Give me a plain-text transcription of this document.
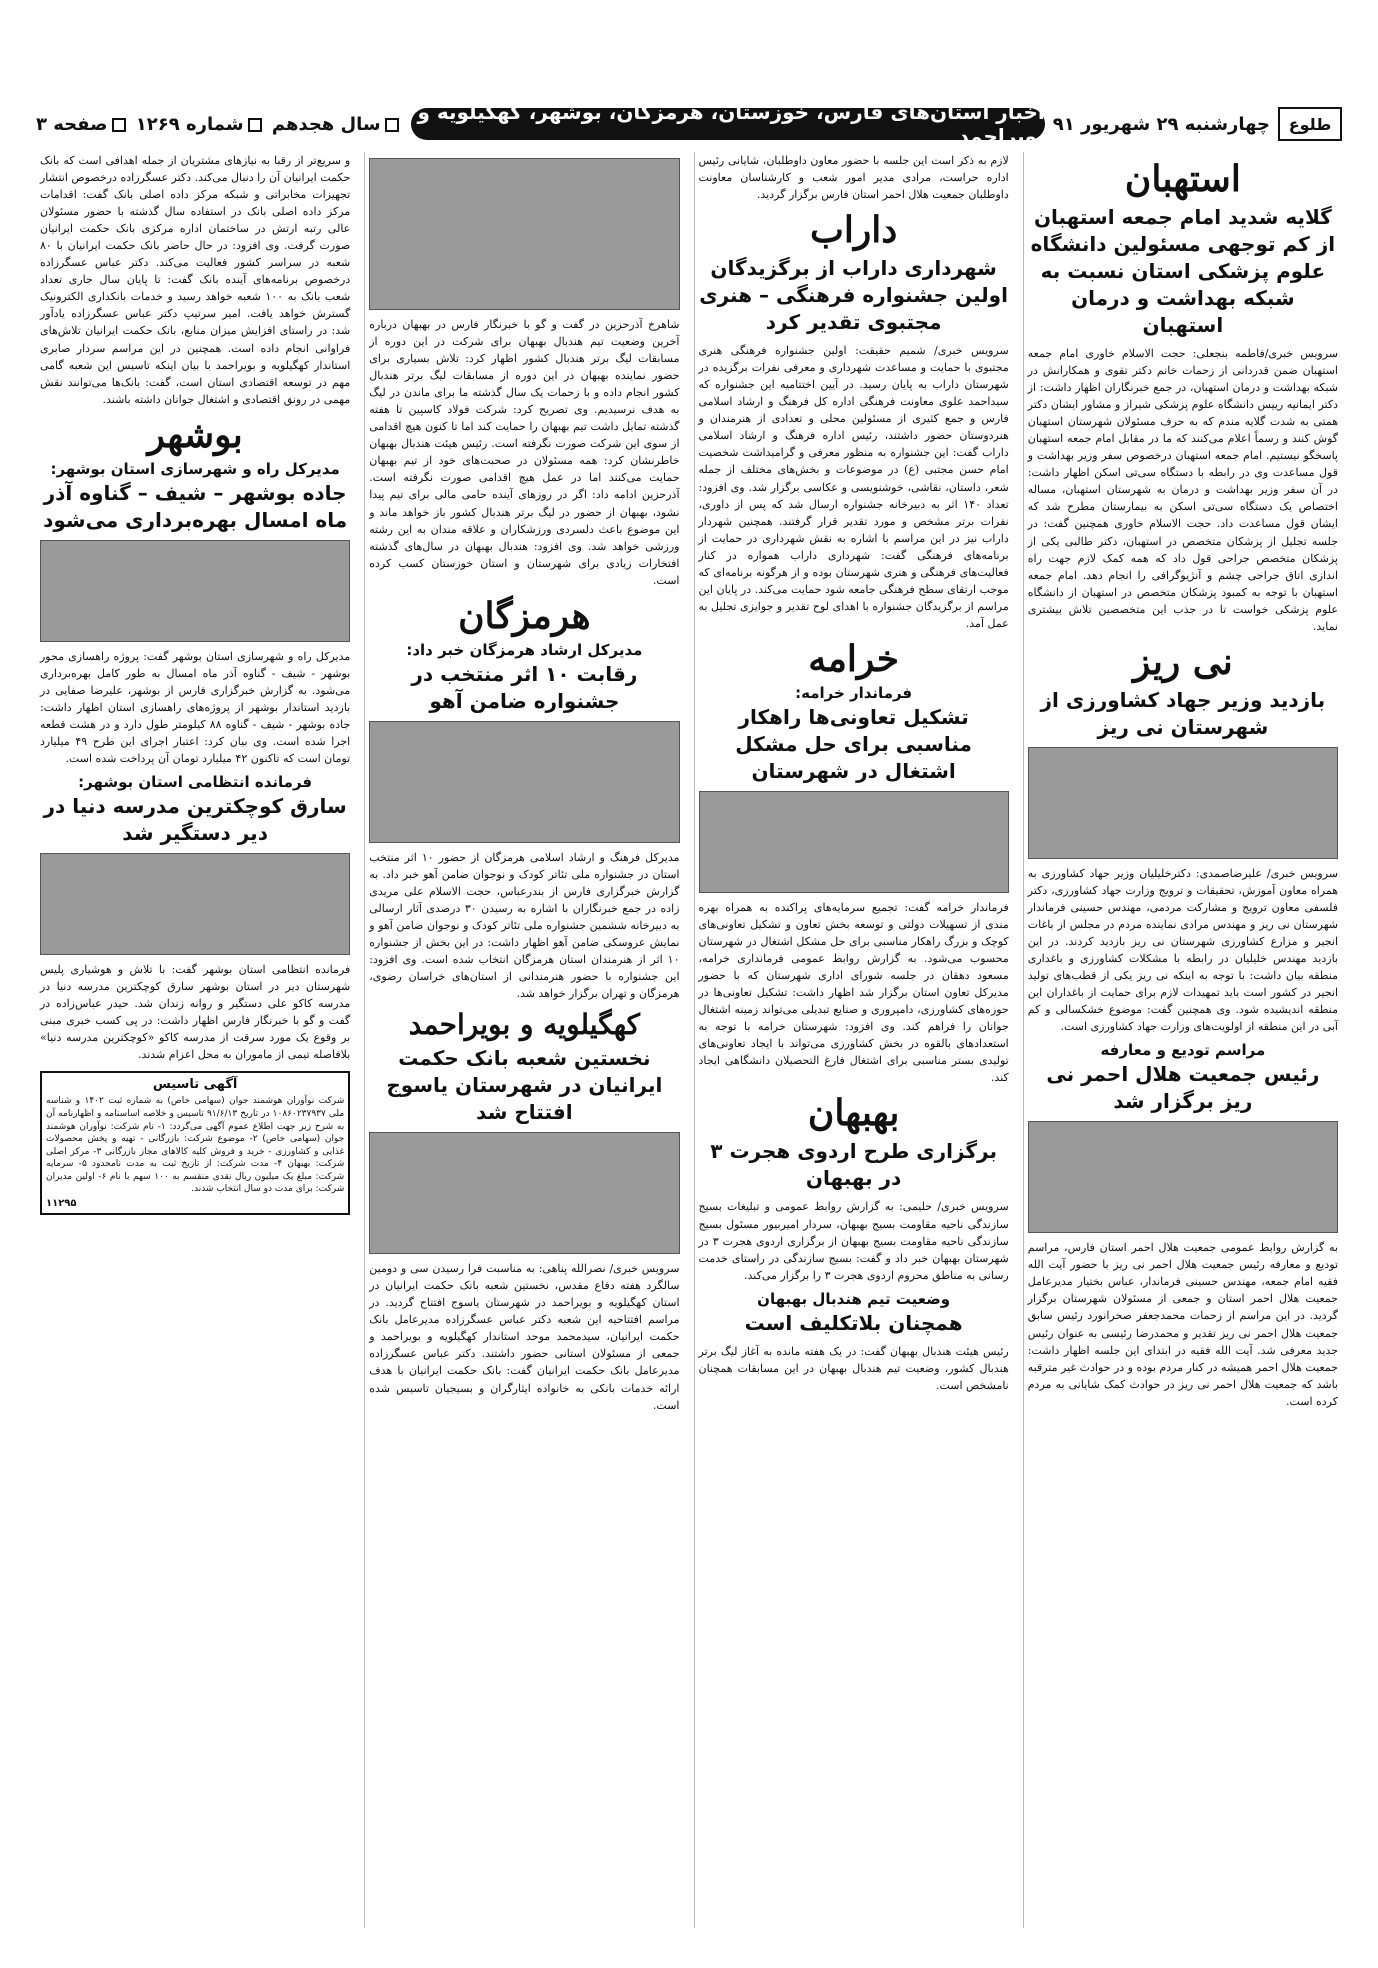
طلوع
چهارشنبه ۲۹ شهریور ۹۱
اخبار استان‌های فارس، خوزستان، هرمزگان، بوشهر، کهگیلویه و بویراحمد
سال هجدهم شماره ۱۲۶۹ صفحه ۳
استهبان
گلایه شدید امام جمعه استهبان از کم توجهی مسئولین دانشگاه علوم پزشکی استان نسبت به شبکه بهداشت و درمان استهبان

سرویس خبری/فاطمه بنجعلی: حجت الاسلام خاوری امام جمعه استهبان ضمن قدردانی از زحمات خانم دکتر تقوی و همکارانش در شبکه بهداشت و درمان استهبان، در جمع خبرنگاران اظهار داشت: از دکتر ایمانیه رییس دانشگاه علوم پزشکی شیراز و مشاور ایشان دکتر همتی به شدت گلایه مندم که به حرف مسئولان شهرستان استهبان گوش کنند و رسماً اعلام می‌کنند که ما در مقابل امام جمعه استهبان پاسخگو نیستیم. امام جمعه استهبان درخصوص سفر وزیر بهداشت و قول مساعدت وی در رابطه با دستگاه سی‌تی اسکن اظهار داشت: در آن سفر وزیر بهداشت و درمان به شهرستان استهبان، مساله اختصاص یک دستگاه سی‌تی اسکن به بیمارستان مطرح شد که ایشان قول مساعدت داد. حجت الاسلام خاوری همچنین گفت: در جلسه تجلیل از پزشکان متخصص در استهبان، دکتر طالبی یکی از پزشکان متخصص جراحی قول داد که همه کمک لازم جهت راه اندازی اتاق جراحی چشم و آنژیوگرافی را انجام دهد. امام جمعه استهبان با توجه به کمبود پزشکان متخصص در استهبان از دانشگاه علوم پزشکی خواست تا در جذب این متخصصین تلاش بیشتری نماید.

نی ریز
بازدید وزیر جهاد کشاورزی از شهرستان نی ریز

سرویس خبری/ علیرضاصمدی: دکترخلیلیان وزیر جهاد کشاورزی به همراه معاون آموزش، تحقیقات و ترویج وزارت جهاد کشاورزی، دکتر فلسفی معاون ترویج و مشارکت مردمی، مهندس حسینی فرماندار شهرستان نی ریز و مهندس مرادی نماینده مردم در مجلس از باغات انجیر و مزارع کشاورزی شهرستان نی ریز بازدید کردند. در این بازدید مهندس خلیلیان در رابطه با مشکلات کشاورزی و باغداری منطقه بیان داشت: با توجه به اینکه نی ریز یکی از قطب‌های تولید انجیر در کشور است باید تمهیدات لازم برای حمایت از باغداران این منطقه اندیشیده شود. وی همچنین گفت: موضوع خشکسالی و کم آبی در این منطقه از اولویت‌های وزارت جهاد کشاورزی است.

مراسم تودیع و معارفه
رئیس جمعیت هلال احمر نی ریز برگزار شد

به گزارش روابط عمومی جمعیت هلال احمر استان فارس، مراسم تودیع و معارفه رئیس جمعیت هلال احمر نی ریز با حضور آیت الله فقیه امام جمعه، مهندس حسینی فرماندار، عباس بختیار مدیرعامل جمعیت هلال احمر استان و جمعی از مسئولان شهرستان برگزار گردید. در این مراسم از زحمات محمدجعفر صحرانورد رئیس سابق جمعیت هلال احمر نی ریز تقدیر و محمدرضا رئیسی به عنوان رئیس جدید معرفی شد. آیت الله فقیه در ابتدای این جلسه اظهار داشت: جمعیت هلال احمر همیشه در کنار مردم بوده و در حوادث غیر مترقبه باشد که جمعیت هلال احمر نی ریز در حوادث کمک شایانی به مردم کرده است.

لازم به ذکر است این جلسه با حضور معاون داوطلبان، شایانی رئیس اداره حراست، مرادی مدیر امور شعب و کارشناسان معاونت داوطلبان جمعیت هلال احمر استان فارس برگزار گردید.

داراب
شهرداری داراب از برگزیدگان اولین جشنواره فرهنگی – هنری مجتبوی تقدیر کرد

سرویس خبری/ شمیم حقیقت: اولین جشنواره فرهنگی هنری مجتبوی با حمایت و مساعدت شهرداری و معرفی نفرات برگزیده در شهرستان داراب به پایان رسید. در آیین اختتامیه این جشنواره که سیداحمد علوی معاونت فرهنگی اداره کل فرهنگ و ارشاد اسلامی فارس و جمع کثیری از مسئولین محلی و تعدادی از هنرمندان و هنردوستان حضور داشتند، رئیس اداره فرهنگ و ارشاد اسلامی داراب گفت: این جشنواره به منظور معرفی و گرامیداشت شخصیت امام حسن مجتبی (ع) در موضوعات و بخش‌های مختلف از جمله شعر، داستان، نقاشی، خوشنویسی و عکاسی برگزار شد. وی افزود: تعداد ۱۴۰ اثر به دبیرخانه جشنواره ارسال شد که پس از داوری، نفرات برتر مشخص و مورد تقدیر قرار گرفتند. همچنین شهردار داراب نیز در این مراسم با اشاره به نقش شهرداری در حمایت از برنامه‌های فرهنگی گفت: شهرداری داراب همواره در کنار فعالیت‌های فرهنگی و هنری شهرستان بوده و از هرگونه برنامه‌ای که موجب ارتقای سطح فرهنگی جامعه شود حمایت می‌کند. در پایان این مراسم از برگزیدگان جشنواره با اهدای لوح تقدیر و جوایزی تجلیل به عمل آمد.

خرامه
فرماندار خرامه:
تشکیل تعاونی‌ها راهکار مناسبی برای حل مشکل اشتغال در شهرستان

فرماندار خرامه گفت: تجمیع سرمایه‌های پراکنده به همراه بهره مندی از تسهیلات دولتی و توسعه بخش تعاون و تشکیل تعاونی‌های کوچک و بزرگ راهکار مناسبی برای حل مشکل اشتغال در شهرستان محسوب می‌شود. به گزارش روابط عمومی فرمانداری خرامه، مسعود دهقان در جلسه شورای اداری شهرستان که با حضور مدیرکل تعاون استان برگزار شد اظهار داشت: تشکیل تعاونی‌ها در حوزه‌های کشاورزی، دامپروری و صنایع تبدیلی می‌تواند زمینه اشتغال جوانان را فراهم کند. وی افزود: شهرستان خرامه با توجه به استعدادهای بالقوه در بخش کشاورزی می‌تواند با ایجاد تعاونی‌های تولیدی بستر مناسبی برای اشتغال فارغ التحصیلان دانشگاهی ایجاد کند.

بهبهان
برگزاری طرح اردوی هجرت ۳ در بهبهان

سرویس خبری/ حلیمی: به گزارش روابط عمومی و تبلیغات بسیج سازندگی ناحیه مقاومت بسیج بهبهان، سردار امیربیور مسئول بسیج سازندگی ناحیه مقاومت بسیج بهبهان از برگزاری اردوی هجرت ۳ در شهرستان بهبهان خبر داد و گفت: بسیج سازندگی در راستای خدمت رسانی به مناطق محروم اردوی هجرت ۳ را برگزار می‌کند.

وضعیت تیم هندبال بهبهان
همچنان بلاتکلیف است

رئیس هیئت هندبال بهبهان گفت: در یک هفته مانده به آغاز لیگ برتر هندبال کشور، وضعیت تیم هندبال بهبهان در این مسابقات همچنان نامشخص است.

شاهرخ آذرحزین در گفت و گو با خبرنگار فارس در بهبهان درباره آخرین وضعیت تیم هندبال بهبهان برای شرکت در این دوره از مسابقات لیگ برتر هندبال کشور اظهار کرد: تلاش بسیاری برای حضور نماینده بهبهان در این دوره از مسابقات لیگ برتر هندبال کشور انجام داده و با زحمات یک سال گذشته ما برای ماندن در لیگ به هدف نرسیدیم. وی تصریح کرد: شرکت فولاد کاسپین تا هفته گذشته تمایل داشت تیم بهبهان را حمایت کند اما تا کنون هیچ اقدامی از سوی این شرکت صورت نگرفته است. رئیس هیئت هندبال بهبهان خاطرنشان کرد: همه مسئولان در صحبت‌های خود از تیم بهبهان حمایت می‌کنند اما در عمل هیچ اقدامی صورت نگرفته است. آذرحزین ادامه داد: اگر در روزهای آینده حامی مالی برای تیم پیدا نشود، بهبهان از حضور در لیگ برتر هندبال کشور باز خواهد ماند و این موضوع باعث دلسردی ورزشکاران و علاقه مندان به این رشته ورزشی خواهد شد. وی افزود: هندبال بهبهان در سال‌های گذشته افتخارات زیادی برای شهرستان و استان خوزستان کسب کرده است.

هرمزگان
مدیرکل ارشاد هرمزگان خبر داد:
رقابت ۱۰ اثر منتخب در جشنواره ضامن آهو

مدیرکل فرهنگ و ارشاد اسلامی هرمزگان از حضور ۱۰ اثر منتخب استان در جشنواره ملی تئاتر کودک و نوجوان ضامن آهو خبر داد. به گزارش خبرگزاری فارس از بندرعباس، حجت الاسلام علی مریدی زاده در جمع خبرنگاران با اشاره به رسیدن ۳۰ درصدی آثار ارسالی به دبیرخانه ششمین جشنواره ملی تئاتر کودک و نوجوان ضامن آهو و نمایش عروسکی ضامن آهو اظهار داشت: در این بخش از جشنواره ۱۰ اثر از هنرمندان استان هرمزگان انتخاب شده است. وی افزود: این جشنواره با حضور هنرمندانی از استان‌های خراسان رضوی، هرمزگان و تهران برگزار خواهد شد.

کهگیلویه و بویراحمد
نخستین شعبه بانک حکمت ایرانیان در شهرستان یاسوج افتتاح شد

سرویس خبری/ نصرالله پناهی: به مناسبت فرا رسیدن سی و دومین سالگرد هفته دفاع مقدس، نخستین شعبه بانک حکمت ایرانیان در استان کهگیلویه و بویراحمد در شهرستان یاسوج افتتاح گردید. در مراسم افتتاحیه این شعبه دکتر عباس عسگرزاده مدیرعامل بانک حکمت ایرانیان، سیدمحمد موحد استاندار کهگیلویه و بویراحمد و جمعی از مسئولان استانی حضور داشتند. دکتر عباس عسگرزاده مدیرعامل بانک حکمت ایرانیان گفت: بانک حکمت ایرانیان با هدف ارائه خدمات بانکی به خانواده ایثارگران و بسیجیان تاسیس شده است.

و سریع‌تر از رقبا به نیازهای مشتریان از جمله اهدافی است که بانک حکمت ایرانیان آن را دنبال می‌کند. دکتر عسگرزاده درخصوص انتشار تجهیزات مخابراتی و شبکه مرکز داده اصلی بانک گفت: اقدامات مرکز داده اصلی بانک در استفاده سال گذشته با حضور مسئولان عالی رتبه ارتش در ساختمان اداره مرکزی بانک حکمت ایرانیان صورت گرفت. وی افزود: در حال حاضر بانک حکمت ایرانیان با ۸۰ شعبه در سراسر کشور فعالیت می‌کند. دکتر عباس عسگرزاده درخصوص برنامه‌های آینده بانک گفت: تا پایان سال جاری تعداد شعب بانک به ۱۰۰ شعبه خواهد رسید و خدمات بانکداری الکترونیک گسترش خواهد یافت. امیر سرتیپ دکتر عباس عسگرزاده یادآور شد: در راستای افزایش میزان منابع، بانک حکمت ایرانیان تلاش‌های فراوانی انجام داده است. همچنین در این مراسم سردار صابری استاندار کهگیلویه و بویراحمد با بیان اینکه تاسیس این شعبه گامی مهم در توسعه اقتصادی استان است، گفت: بانک‌ها می‌توانند نقش مهمی در رونق اقتصادی و اشتغال جوانان داشته باشند.

بوشهر
مدیرکل راه و شهرسازی استان بوشهر:
جاده بوشهر – شیف – گناوه آذر ماه امسال بهره‌برداری می‌شود

مدیرکل راه و شهرسازی استان بوشهر گفت: پروژه راهسازی محور بوشهر - شیف - گناوه آذر ماه امسال به طور کامل بهره‌برداری می‌شود. به گزارش خبرگزاری فارس از بوشهر، علیرضا صفایی در بازدید استاندار بوشهر از پروژه‌های راهسازی استان اظهار داشت: جاده بوشهر - شیف - گناوه ۸۸ کیلومتر طول دارد و در هشت قطعه اجرا شده است. وی بیان کرد: اعتبار اجرای این طرح ۴۹ میلیارد تومان است که تاکنون ۴۲ میلیارد تومان آن پرداخت شده است.

فرمانده انتظامی استان بوشهر:
سارق کوچکترین مدرسه دنیا در دیر دستگیر شد

فرمانده انتظامی استان بوشهر گفت: با تلاش و هوشیاری پلیس شهرستان دیر در استان بوشهر سارق کوچکترین مدرسه دنیا در مدرسه کاکو علی دستگیر و روانه زندان شد. حیدر عباس‌زاده در گفت و گو با خبرنگار فارس اظهار داشت: در پی کسب خبری مبنی بر وقوع یک مورد سرقت از مدرسه کاکو «کوچکترین مدرسه دنیا» بلافاصله تیمی از ماموران به محل اعزام شدند.

آگهی تاسیس

شرکت نوآوران هوشمند جوان (سهامی خاص) به شماره ثبت ۱۴۰۲ و شناسه ملی ۱۰۸۶۰۲۳۷۹۳۷ در تاریخ ۹۱/۶/۱۳ تاسیس و خلاصه اساسنامه و اظهارنامه آن به شرح زیر جهت اطلاع عموم آگهی می‌گردد: ۱- نام شرکت: نوآوران هوشمند جوان (سهامی خاص) ۲- موضوع شرکت: بازرگانی - تهیه و پخش محصولات غذایی و کشاورزی - خرید و فروش کلیه کالاهای مجاز بازرگانی ۳- مرکز اصلی شرکت: بهبهان ۴- مدت شرکت: از تاریخ ثبت به مدت نامحدود ۵- سرمایه شرکت: مبلغ یک میلیون ریال نقدی منقسم به ۱۰۰ سهم با نام ۶- اولین مدیران شرکت: برای مدت دو سال انتخاب شدند.

۱۱۲۹۵
